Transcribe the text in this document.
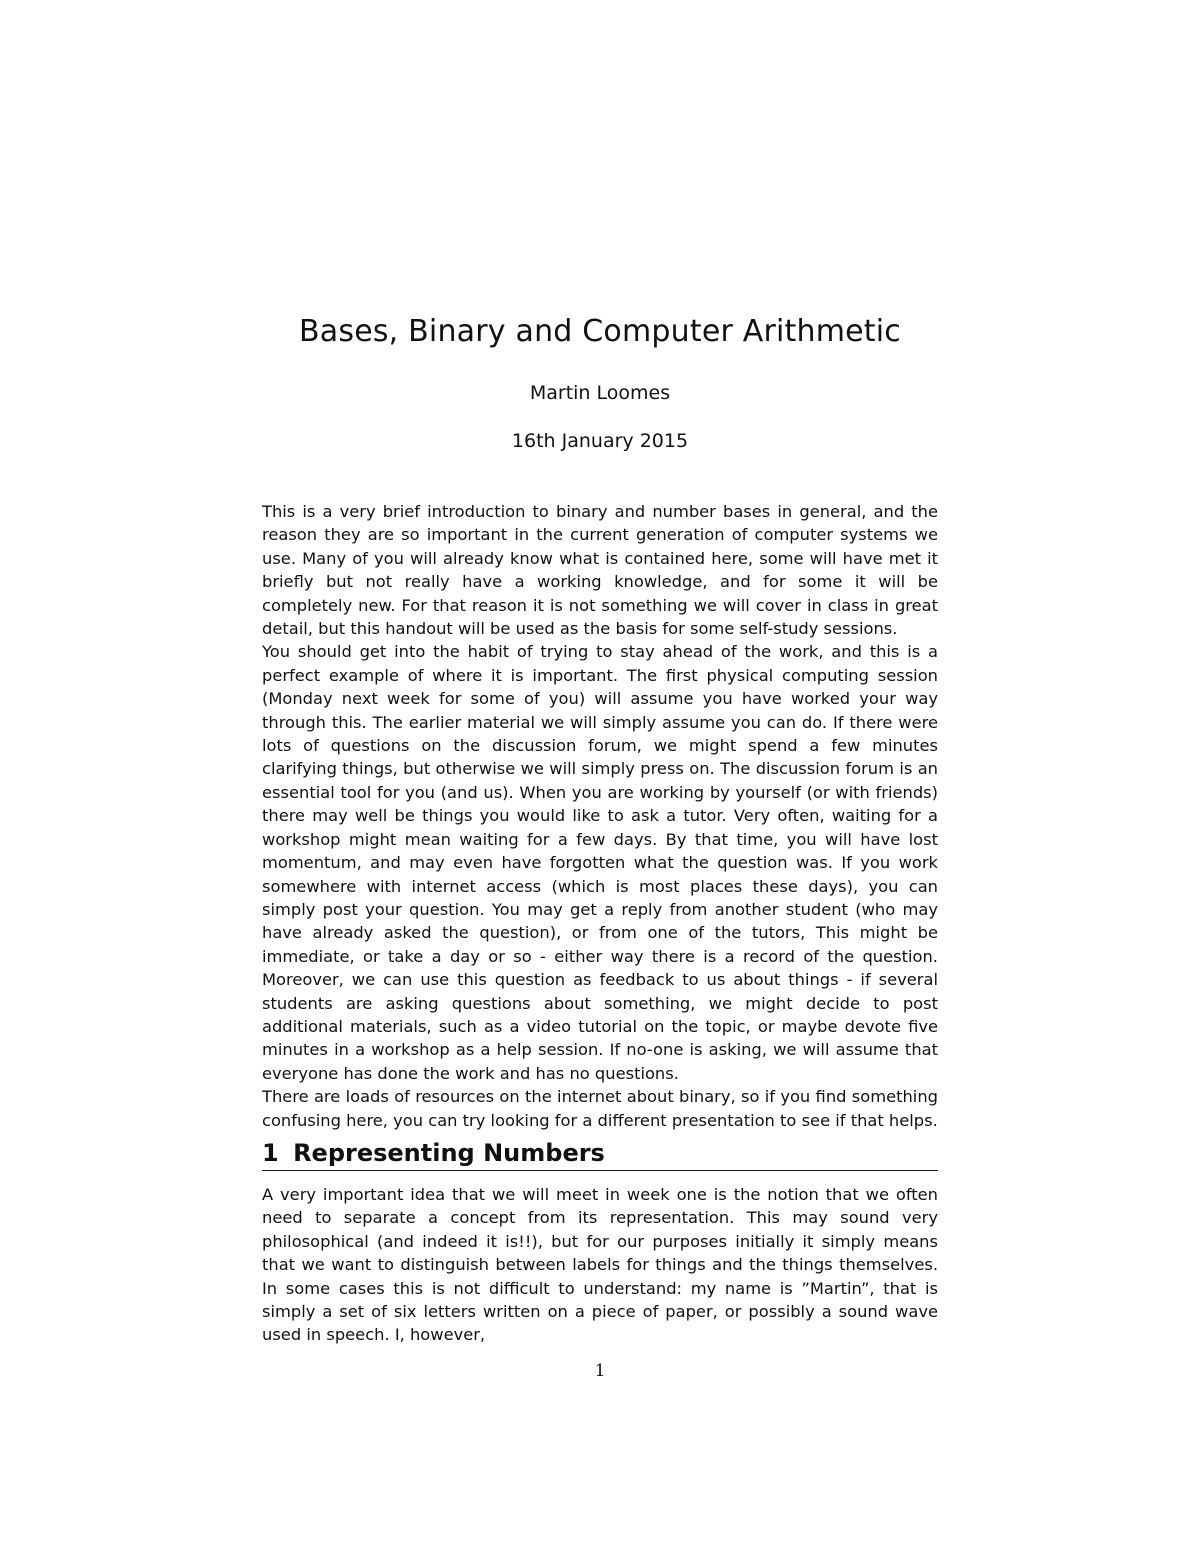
Bases, Binary and Computer Arithmetic
Martin Loomes
16th January 2015

This is a very brief introduction to binary and number bases in general, and the reason they are so important in the current generation of computer systems we use. Many of you will already know what is contained here, some will have met it briefly but not really have a working knowledge, and for some it will be completely new. For that reason it is not something we will cover in class in great detail, but this handout will be used as the basis for some self-study sessions.

You should get into the habit of trying to stay ahead of the work, and this is a perfect example of where it is important. The first physical computing session (Monday next week for some of you) will assume you have worked your way through this. The earlier material we will simply assume you can do. If there were lots of questions on the discussion forum, we might spend a few minutes clarifying things, but otherwise we will simply press on. The discussion forum is an essential tool for you (and us). When you are working by yourself (or with friends) there may well be things you would like to ask a tutor. Very often, waiting for a workshop might mean waiting for a few days. By that time, you will have lost momentum, and may even have forgotten what the question was. If you work somewhere with internet access (which is most places these days), you can simply post your question. You may get a reply from another student (who may have already asked the question), or from one of the tutors, This might be immediate, or take a day or so - either way there is a record of the question. Moreover, we can use this question as feedback to us about things - if several students are asking questions about something, we might decide to post additional materials, such as a video tutorial on the topic, or maybe devote five minutes in a workshop as a help session. If no-one is asking, we will assume that everyone has done the work and has no questions.

There are loads of resources on the internet about binary, so if you find something confusing here, you can try looking for a different presentation to see if that helps.

1 Representing Numbers

A very important idea that we will meet in week one is the notion that we often need to separate a concept from its representation. This may sound very philosophical (and indeed it is!!), but for our purposes initially it simply means that we want to distinguish between labels for things and the things themselves. In some cases this is not difficult to understand: my name is ”Martin”, that is simply a set of six letters written on a piece of paper, or possibly a sound wave used in speech. I, however,

1
